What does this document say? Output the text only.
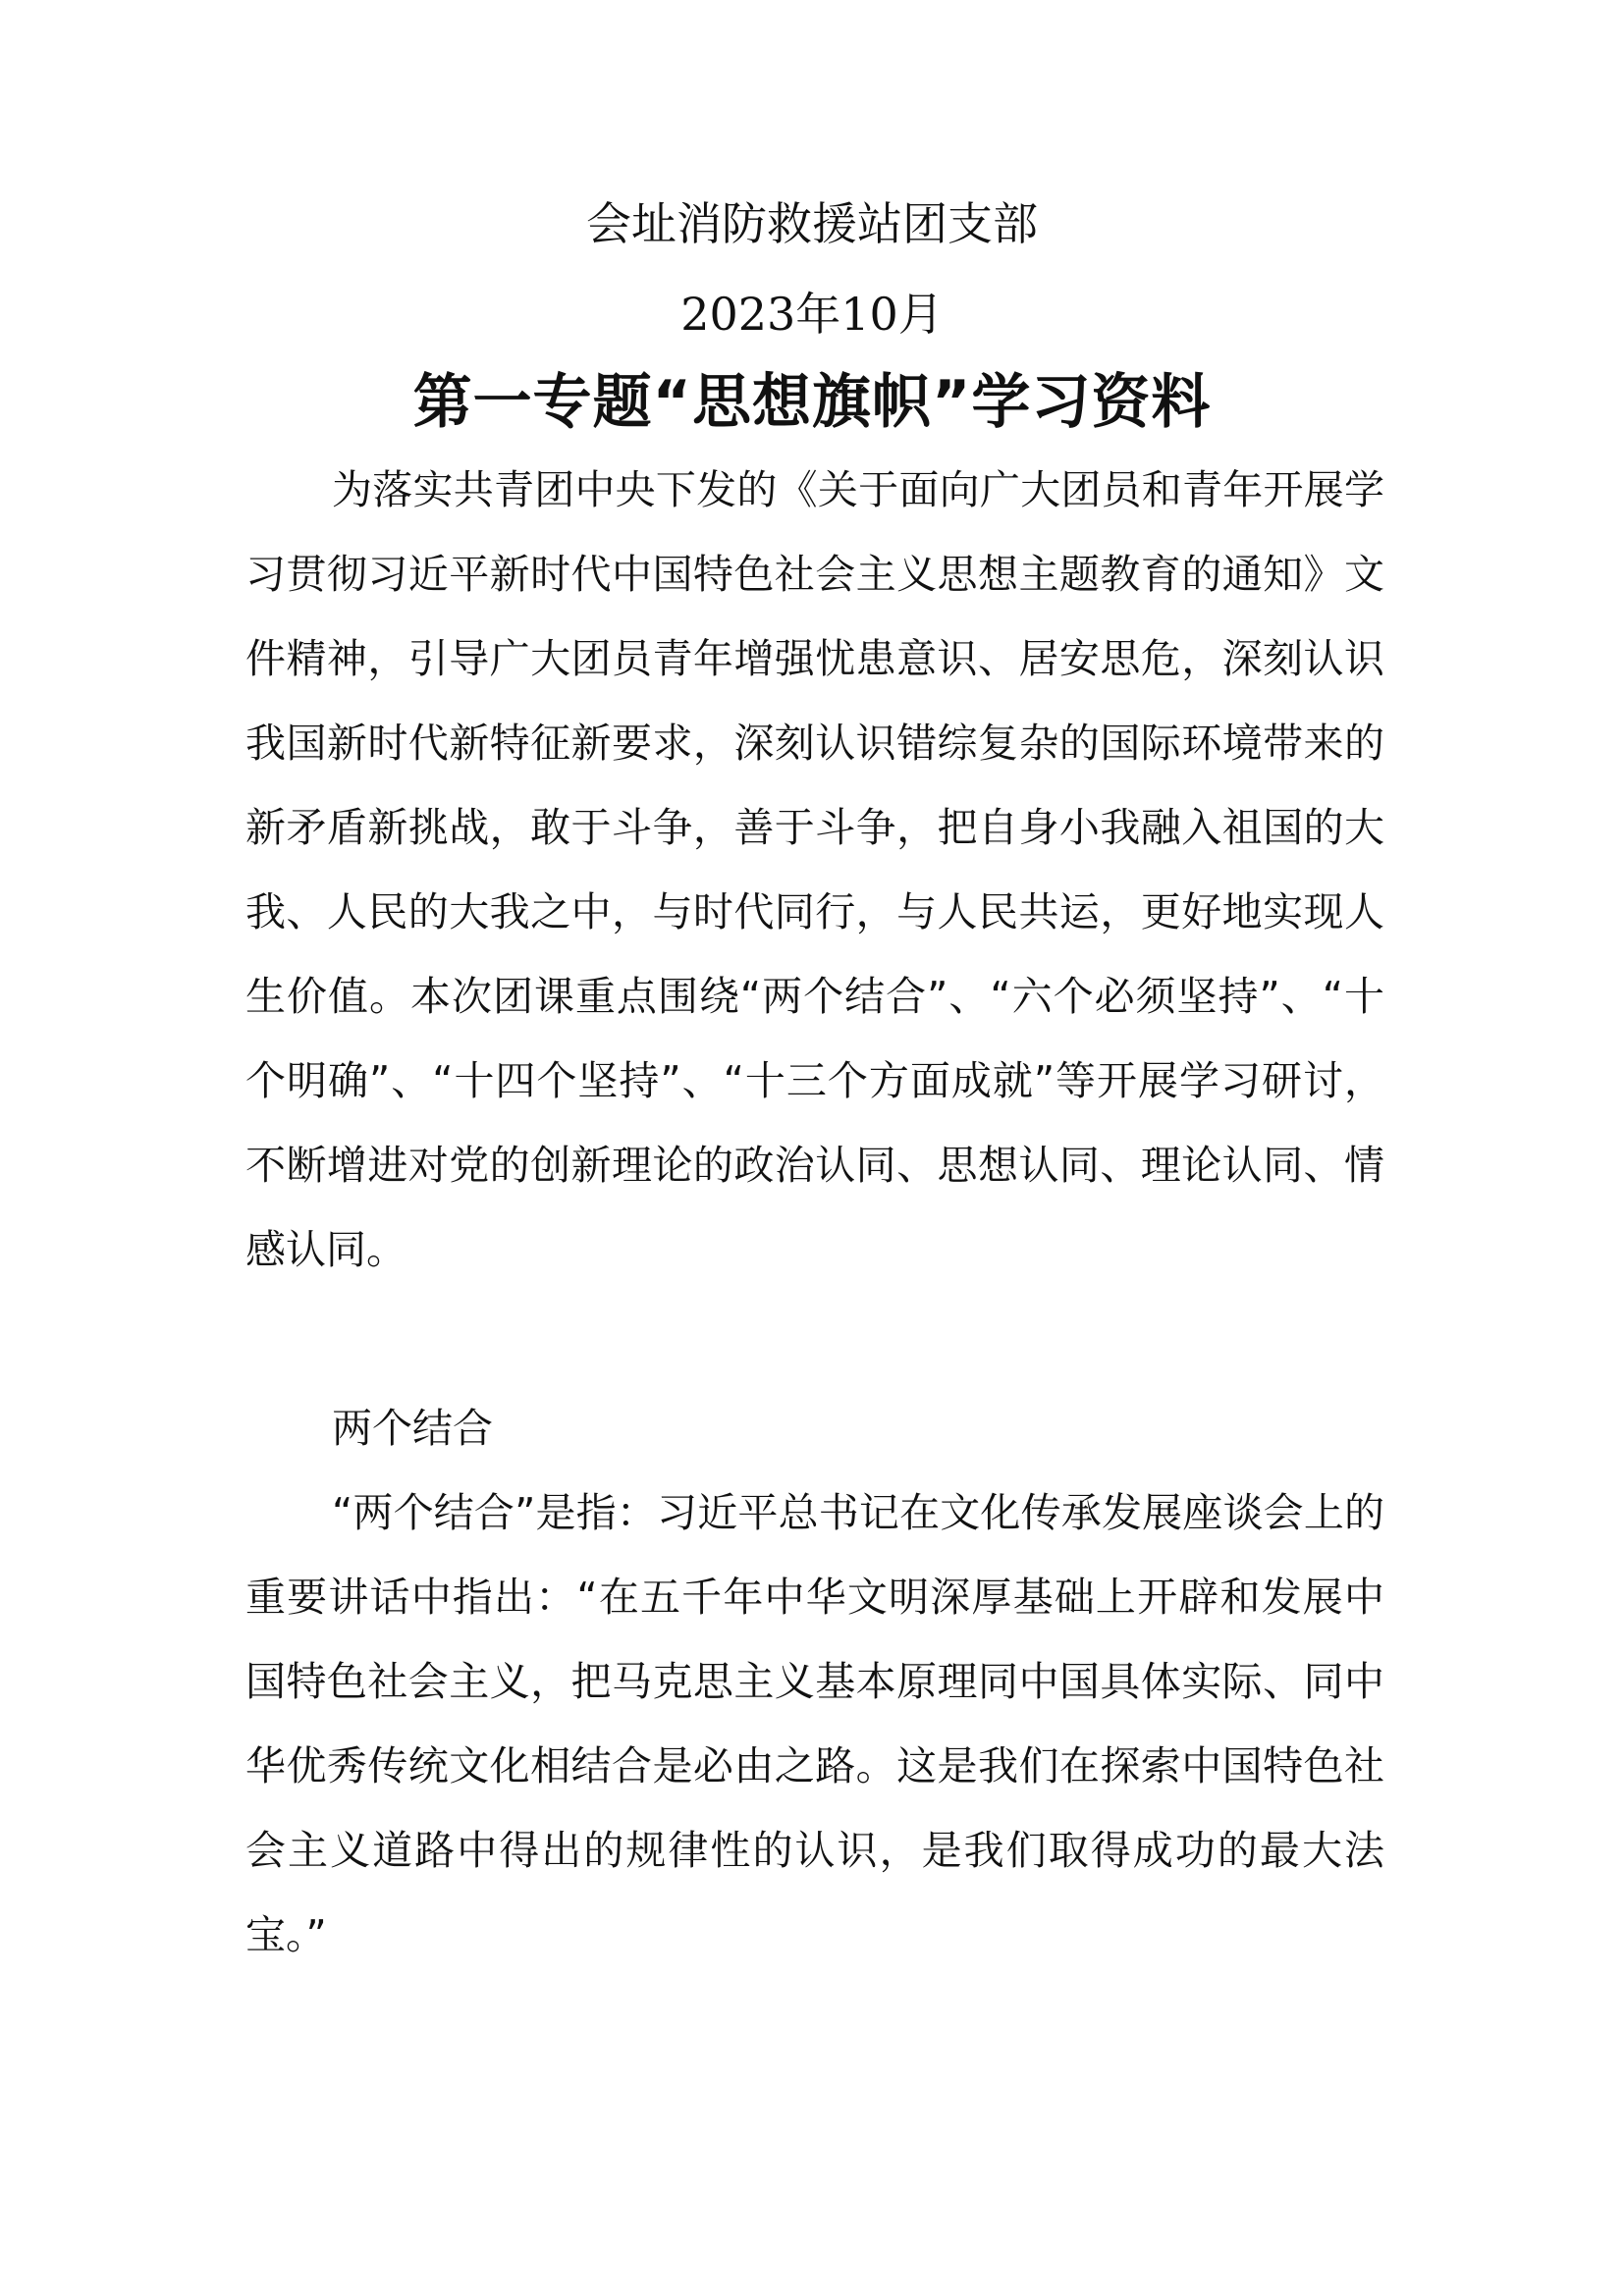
会址消防救援站团支部
2023年10月
第一专题“思想旗帜”学习资料

为落实共青团中央下发的《关于面向广大团员和青年开展学习贯彻习近平新时代中国特色社会主义思想主题教育的通知》文件精神，引导广大团员青年增强忧患意识、居安思危，深刻认识我国新时代新特征新要求，深刻认识错综复杂的国际环境带来的新矛盾新挑战，敢于斗争，善于斗争，把自身小我融入祖国的大我、人民的大我之中，与时代同行，与人民共运，更好地实现人生价值。本次团课重点围绕“两个结合”、“六个必须坚持”、“十个明确”、“十四个坚持”、“十三个方面成就”等开展学习研讨，不断增进对党的创新理论的政治认同、思想认同、理论认同、情感认同。

两个结合

“两个结合”是指：习近平总书记在文化传承发展座谈会上的重要讲话中指出：“在五千年中华文明深厚基础上开辟和发展中国特色社会主义，把马克思主义基本原理同中国具体实际、同中华优秀传统文化相结合是必由之路。这是我们在探索中国特色社会主义道路中得出的规律性的认识，是我们取得成功的最大法宝。”
